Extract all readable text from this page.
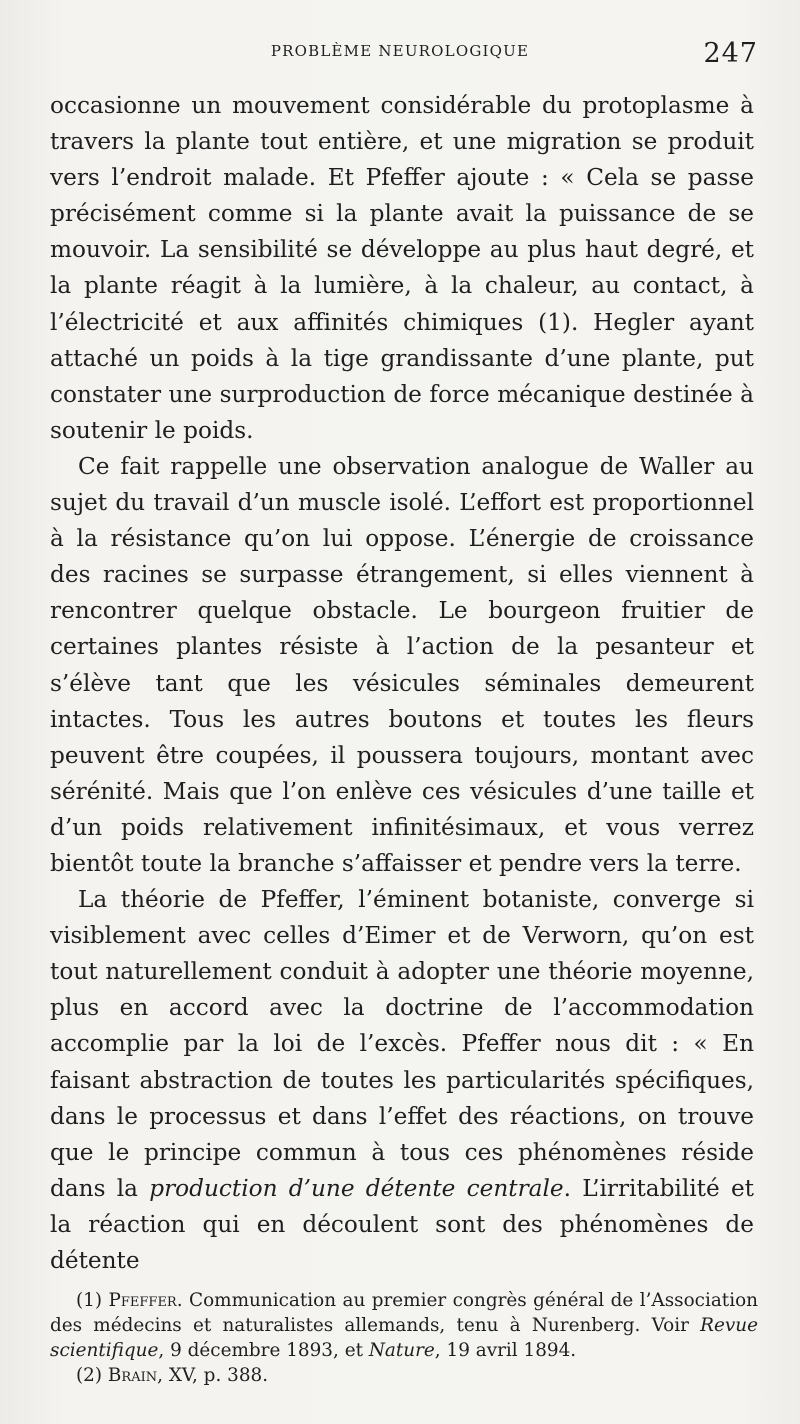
PROBLÈME NEUROLOGIQUE	247

occasionne un mouvement considérable du protoplasme à travers la plante tout entière, et une migration se produit vers l’endroit malade. Et Pfeffer ajoute : « Cela se passe précisément comme si la plante avait la puissance de se mouvoir. La sensibilité se développe au plus haut degré, et la plante réagit à la lumière, à la chaleur, au contact, à l’électricité et aux affinités chimiques (1). Hegler ayant attaché un poids à la tige grandissante d’une plante, put constater une surproduction de force mécanique destinée à soutenir le poids.

Ce fait rappelle une observation analogue de Waller au sujet du travail d’un muscle isolé. L’effort est proportionnel à la résistance qu’on lui oppose. L’énergie de croissance des racines se surpasse étrangement, si elles viennent à rencontrer quelque obstacle. Le bourgeon fruitier de certaines plantes résiste à l’action de la pesanteur et s’élève tant que les vésicules séminales demeurent intactes. Tous les autres boutons et toutes les fleurs peuvent être coupées, il poussera toujours, montant avec sérénité. Mais que l’on enlève ces vésicules d’une taille et d’un poids relativement infinitésimaux, et vous verrez bientôt toute la branche s’affaisser et pendre vers la terre.

La théorie de Pfeffer, l’éminent botaniste, converge si visiblement avec celles d’Eimer et de Verworn, qu’on est tout naturellement conduit à adopter une théorie moyenne, plus en accord avec la doctrine de l’accommodation accomplie par la loi de l’excès. Pfeffer nous dit : « En faisant abstraction de toutes les particularités spécifiques, dans le processus et dans l’effet des réactions, on trouve que le principe commun à tous ces phénomènes réside dans la production d’une détente centrale. L’irritabilité et la réaction qui en découlent sont des phénomènes de détente

(1) Pfeffer. Communication au premier congrès général de l’Association des médecins et naturalistes allemands, tenu à Nurenberg. Voir Revue scientifique, 9 décembre 1893, et Nature, 19 avril 1894.

(2) Brain, XV, p. 388.
